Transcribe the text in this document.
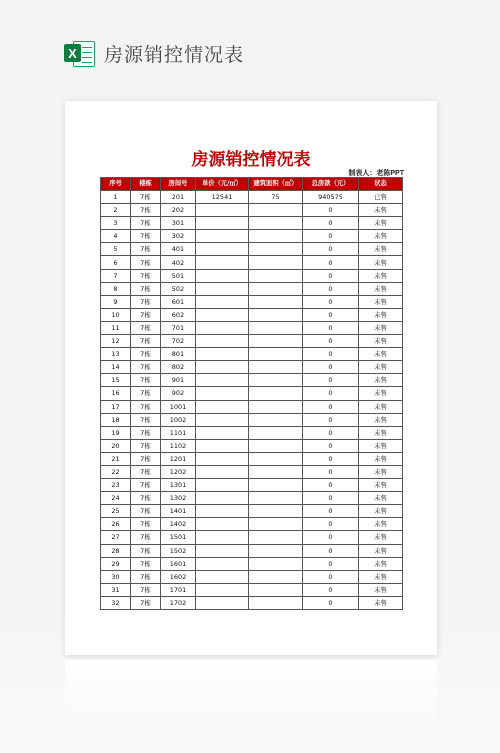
X 房源销控情况表
房源销控情况表
制表人：老陈PPT
序号	楼栋	房间号	单价（元/㎡）	建筑面积（㎡）	总房款（元）	状态
1	7栋	201	12541	75	940575	已售
2	7栋	202			0	未售
3	7栋	301			0	未售
4	7栋	302			0	未售
5	7栋	401			0	未售
6	7栋	402			0	未售
7	7栋	501			0	未售
8	7栋	502			0	未售
9	7栋	601			0	未售
10	7栋	602			0	未售
11	7栋	701			0	未售
12	7栋	702			0	未售
13	7栋	801			0	未售
14	7栋	802			0	未售
15	7栋	901			0	未售
16	7栋	902			0	未售
17	7栋	1001			0	未售
18	7栋	1002			0	未售
19	7栋	1101			0	未售
20	7栋	1102			0	未售
21	7栋	1201			0	未售
22	7栋	1202			0	未售
23	7栋	1301			0	未售
24	7栋	1302			0	未售
25	7栋	1401			0	未售
26	7栋	1402			0	未售
27	7栋	1501			0	未售
28	7栋	1502			0	未售
29	7栋	1601			0	未售
30	7栋	1602			0	未售
31	7栋	1701			0	未售
32	7栋	1702			0	未售
